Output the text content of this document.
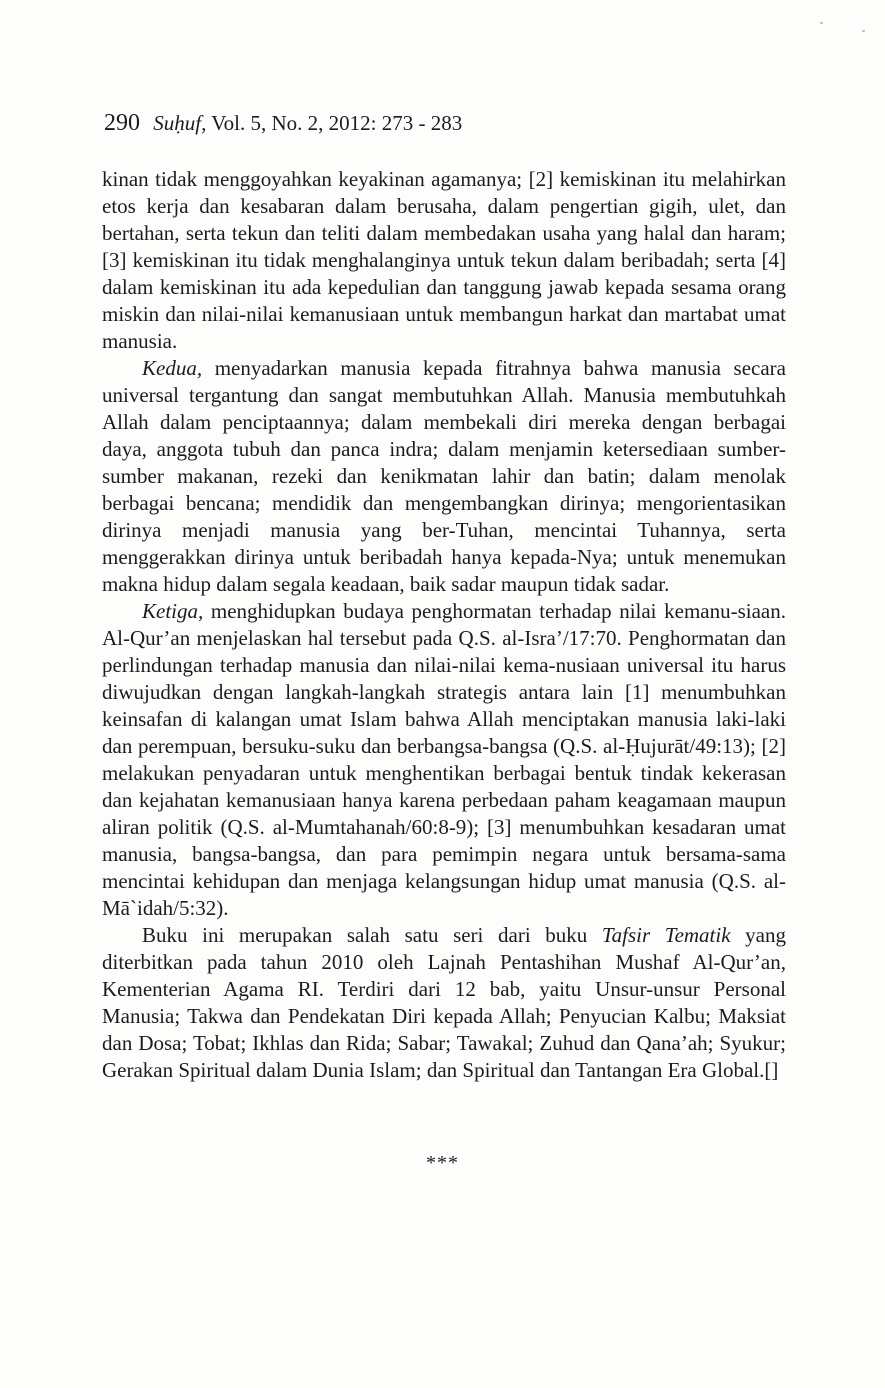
290 Suḥuf, Vol. 5, No. 2, 2012: 273 - 283

kinan tidak menggoyahkan keyakinan agamanya; [2] kemiskinan itu melahirkan etos kerja dan kesabaran dalam berusaha, dalam pengertian gigih, ulet, dan bertahan, serta tekun dan teliti dalam membedakan usaha yang halal dan haram; [3] kemiskinan itu tidak menghalanginya untuk tekun dalam beribadah; serta [4] dalam kemiskinan itu ada kepedulian dan tanggung jawab kepada sesama orang miskin dan nilai-nilai kemanusiaan untuk membangun harkat dan martabat umat manusia.

Kedua, menyadarkan manusia kepada fitrahnya bahwa manusia secara universal tergantung dan sangat membutuhkan Allah. Manusia membutuhkah Allah dalam penciptaannya; dalam membekali diri mereka dengan berbagai daya, anggota tubuh dan panca indra; dalam menjamin ketersediaan sumber-sumber makanan, rezeki dan kenikmatan lahir dan batin; dalam menolak berbagai bencana; mendidik dan mengembangkan dirinya; mengorientasikan dirinya menjadi manusia yang ber-Tuhan, mencintai Tuhannya, serta menggerakkan dirinya untuk beribadah hanya kepada-Nya; untuk menemukan makna hidup dalam segala keadaan, baik sadar maupun tidak sadar.

Ketiga, menghidupkan budaya penghormatan terhadap nilai kemanu-siaan. Al-Qur’an menjelaskan hal tersebut pada Q.S. al-Isra’/17:70. Penghormatan dan perlindungan terhadap manusia dan nilai-nilai kema-nusiaan universal itu harus diwujudkan dengan langkah-langkah strategis antara lain [1] menumbuhkan keinsafan di kalangan umat Islam bahwa Allah menciptakan manusia laki-laki dan perempuan, bersuku-suku dan berbangsa-bangsa (Q.S. al-Ḥujurāt/49:13); [2] melakukan penyadaran untuk menghentikan berbagai bentuk tindak kekerasan dan kejahatan kemanusiaan hanya karena perbedaan paham keagamaan maupun aliran politik (Q.S. al-Mumtahanah/60:8-9); [3] menumbuhkan kesadaran umat manusia, bangsa-bangsa, dan para pemimpin negara untuk bersama-sama mencintai kehidupan dan menjaga kelangsungan hidup umat manusia (Q.S. al-Mā`idah/5:32).

Buku ini merupakan salah satu seri dari buku Tafsir Tematik yang diterbitkan pada tahun 2010 oleh Lajnah Pentashihan Mushaf Al-Qur’an, Kementerian Agama RI. Terdiri dari 12 bab, yaitu Unsur-unsur Personal Manusia; Takwa dan Pendekatan Diri kepada Allah; Penyucian Kalbu; Maksiat dan Dosa; Tobat; Ikhlas dan Rida; Sabar; Tawakal; Zuhud dan Qana’ah; Syukur; Gerakan Spiritual dalam Dunia Islam; dan Spiritual dan Tantangan Era Global.[]

***
